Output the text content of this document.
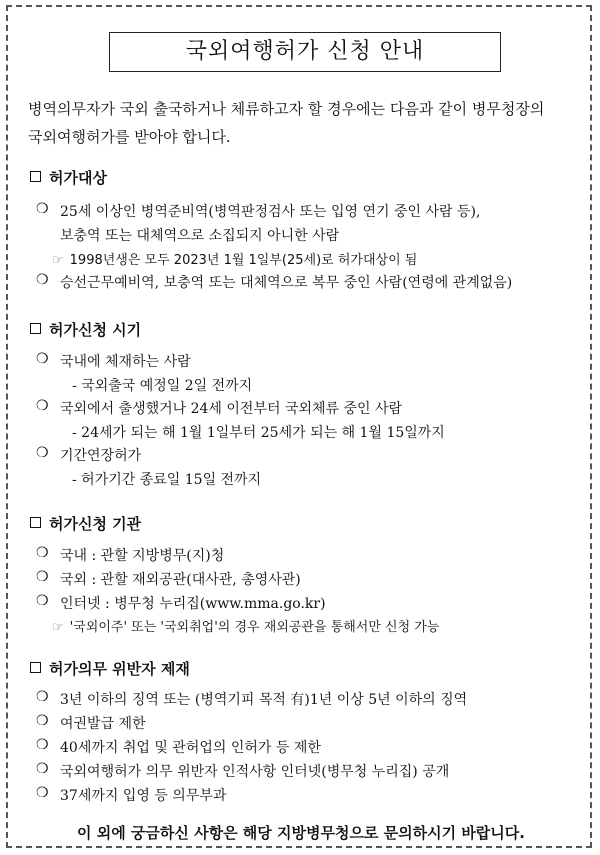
국외여행허가 신청 안내
병역의무자가 국외 출국하거나 체류하고자 할 경우에는 다음과 같이 병무청장의
국외여행허가를 받아야 합니다.
허가대상
❍ 25세 이상인 병역준비역(병역판정검사 또는 입영 연기 중인 사람 등),
보충역 또는 대체역으로 소집되지 아니한 사람
☞ 1998년생은 모두 2023년 1월 1일부(25세)로 허가대상이 됨
❍ 승선근무예비역, 보충역 또는 대체역으로 복무 중인 사람(연령에 관계없음)
허가신청 시기
❍ 국내에 체재하는 사람
- 국외출국 예정일 2일 전까지
❍ 국외에서 출생했거나 24세 이전부터 국외체류 중인 사람
- 24세가 되는 해 1월 1일부터 25세가 되는 해 1월 15일까지
❍ 기간연장허가
- 허가기간 종료일 15일 전까지
허가신청 기관
❍ 국내 : 관할 지방병무(지)청
❍ 국외 : 관할 재외공관(대사관, 총영사관)
❍ 인터넷 : 병무청 누리집(www.mma.go.kr)
☞ '국외이주' 또는 '국외취업'의 경우 재외공관을 통해서만 신청 가능
허가의무 위반자 제재
❍ 3년 이하의 징역 또는 (병역기피 목적 有)1년 이상 5년 이하의 징역
❍ 여권발급 제한
❍ 40세까지 취업 및 관허업의 인허가 등 제한
❍ 국외여행허가 의무 위반자 인적사항 인터넷(병무청 누리집) 공개
❍ 37세까지 입영 등 의무부과
이 외에 궁금하신 사항은 해당 지방병무청으로 문의하시기 바랍니다.
